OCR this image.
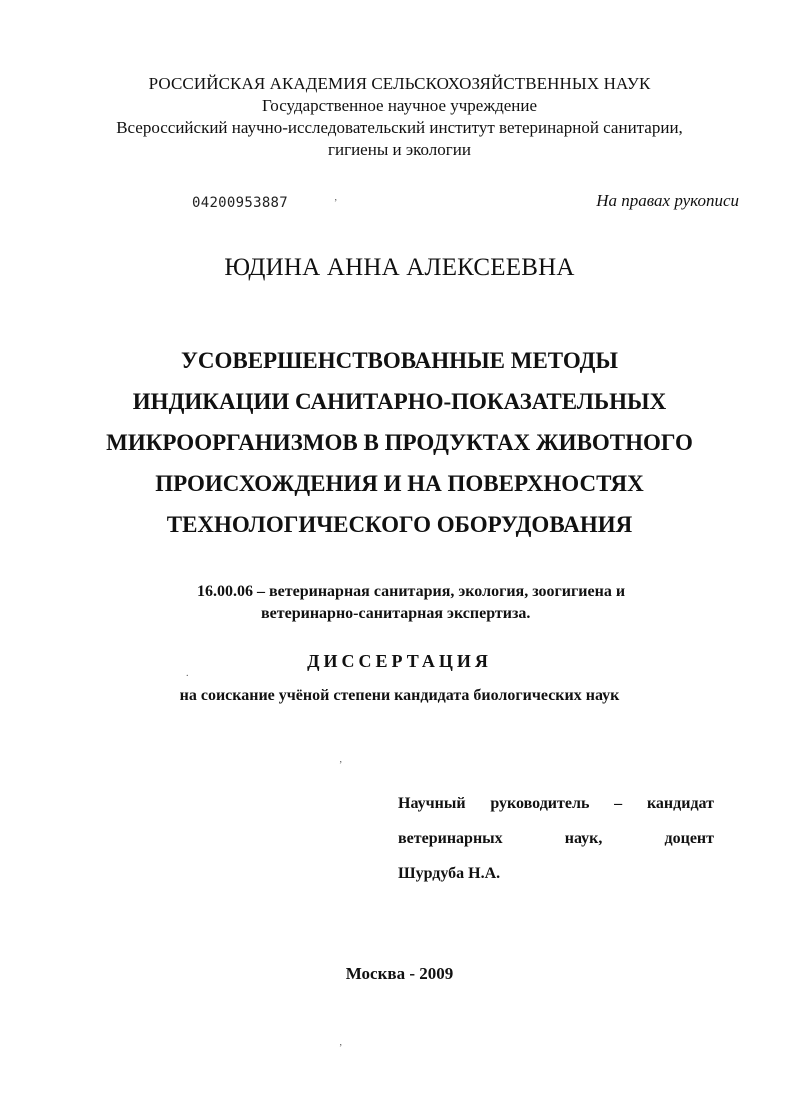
РОССИЙСКАЯ АКАДЕМИЯ СЕЛЬСКОХОЗЯЙСТВЕННЫХ НАУК
Государственное научное учреждение
Всероссийский научно-исследовательский институт ветеринарной санитарии,
гигиены и экологии
04200953887	ʼ	На правах рукописи
ЮДИНА АННА АЛЕКСЕЕВНА
УСОВЕРШЕНСТВОВАННЫЕ МЕТОДЫ
ИНДИКАЦИИ САНИТАРНО-ПОКАЗАТЕЛЬНЫХ
МИКРООРГАНИЗМОВ В ПРОДУКТАХ ЖИВОТНОГО
ПРОИСХОЖДЕНИЯ И НА ПОВЕРХНОСТЯХ
ТЕХНОЛОГИЧЕСКОГО ОБОРУДОВАНИЯ
16.00.06 – ветеринарная санитария, экология, зоогигиена и
ветеринарно-санитарная экспертиза.
.
ДИССЕРТАЦИЯ
на соискание учёной степени кандидата биологических наук
ʼ
Научный руководитель – кандидат
ветеринарных наук, доцент
Шурдуба Н.А.
Москва - 2009
ʼ
